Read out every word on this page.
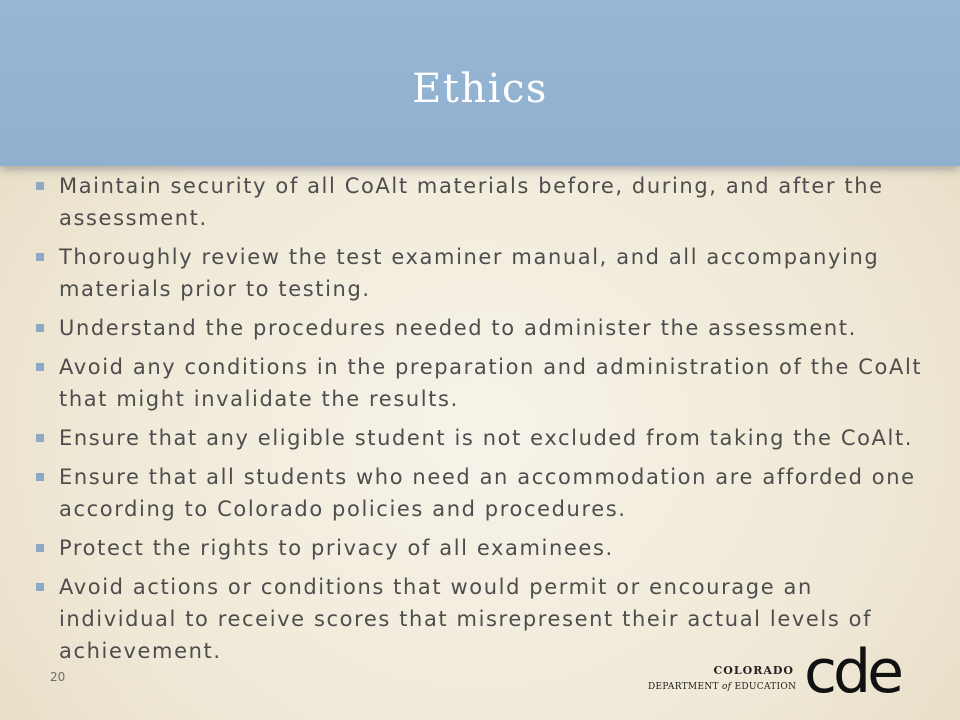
Ethics
Maintain security of all CoAlt materials before, during, and after the assessment.
Thoroughly review the test examiner manual, and all accompanying materials prior to testing.
Understand the procedures needed to administer the assessment.
Avoid any conditions in the preparation and administration of the CoAlt that might invalidate the results.
Ensure that any eligible student is not excluded from taking the CoAlt.
Ensure that all students who need an accommodation are afforded one according to Colorado policies and procedures.
Protect the rights to privacy of all examinees.
Avoid actions or conditions that would permit or encourage an individual to receive scores that misrepresent their actual levels of achievement.
20	COLORADO
DEPARTMENT of EDUCATION cde
